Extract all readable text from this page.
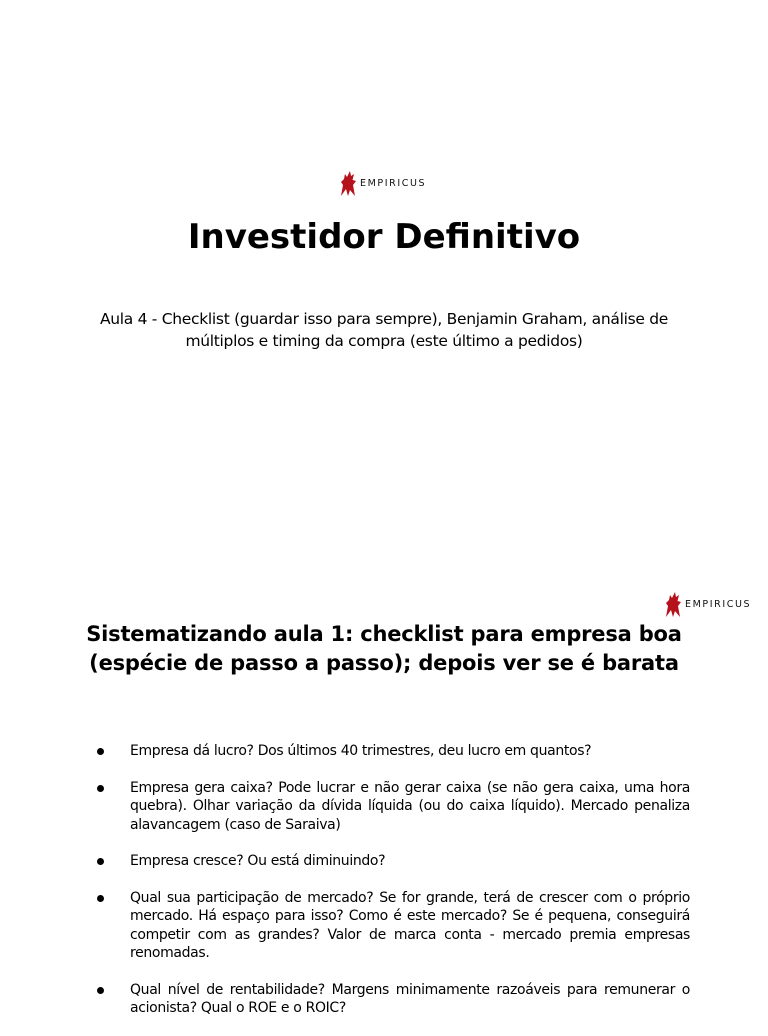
EMPIRICUS
Investidor Definitivo

Aula 4 - Checklist (guardar isso para sempre), Benjamin Graham, análise de múltiplos e timing da compra (este último a pedidos)

EMPIRICUS
Sistematizando aula 1: checklist para empresa boa (espécie de passo a passo); depois ver se é barata
Empresa dá lucro? Dos últimos 40 trimestres, deu lucro em quantos?
Empresa gera caixa? Pode lucrar e não gerar caixa (se não gera caixa, uma hora quebra). Olhar variação da dívida líquida (ou do caixa líquido). Mercado penaliza alavancagem (caso de Saraiva)
Empresa cresce? Ou está diminuindo?
Qual sua participação de mercado? Se for grande, terá de crescer com o próprio mercado. Há espaço para isso? Como é este mercado? Se é pequena, conseguirá competir com as grandes? Valor de marca conta - mercado premia empresas renomadas.
Qual nível de rentabilidade? Margens minimamente razoáveis para remunerar o acionista? Qual o ROE e o ROIC?
